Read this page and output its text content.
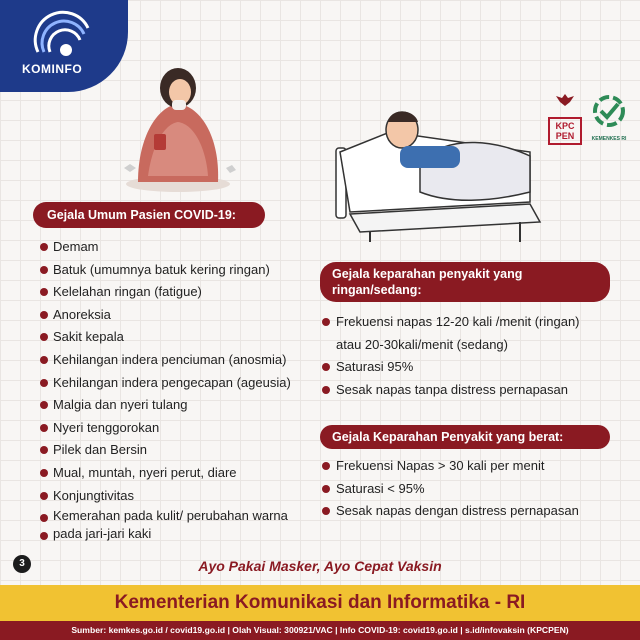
KOMINFO
KPC
PEN	KEMENKES RI
Gejala Umum Pasien COVID-19:
Demam
Batuk (umumnya batuk kering ringan)
Kelelahan ringan (fatigue)
Anoreksia
Sakit kepala
Kehilangan indera penciuman (anosmia)
Kehilangan indera pengecapan (ageusia)
Malgia dan nyeri tulang
Nyeri tenggorokan
Pilek dan Bersin
Mual, muntah, nyeri perut, diare
Konjungtivitas
Kemerahan pada kulit/ perubahan warna
pada jari-jari kaki
Gejala keparahan penyakit yang
ringan/sedang:
Frekuensi napas 12-20 kali /menit (ringan)
atau 20-30kali/menit (sedang)
Saturasi 95%
Sesak napas tanpa distress pernapasan
Gejala Keparahan Penyakit yang berat:
Frekuensi Napas > 30 kali per menit
Saturasi < 95%
Sesak napas dengan distress pernapasan
3	Ayo Pakai Masker, Ayo Cepat Vaksin
Kementerian Komunikasi dan Informatika - RI
Sumber: kemkes.go.id / covid19.go.id | Olah Visual: 300921/VAC | Info COVID-19: covid19.go.id | s.id/infovaksin (KPCPEN)
